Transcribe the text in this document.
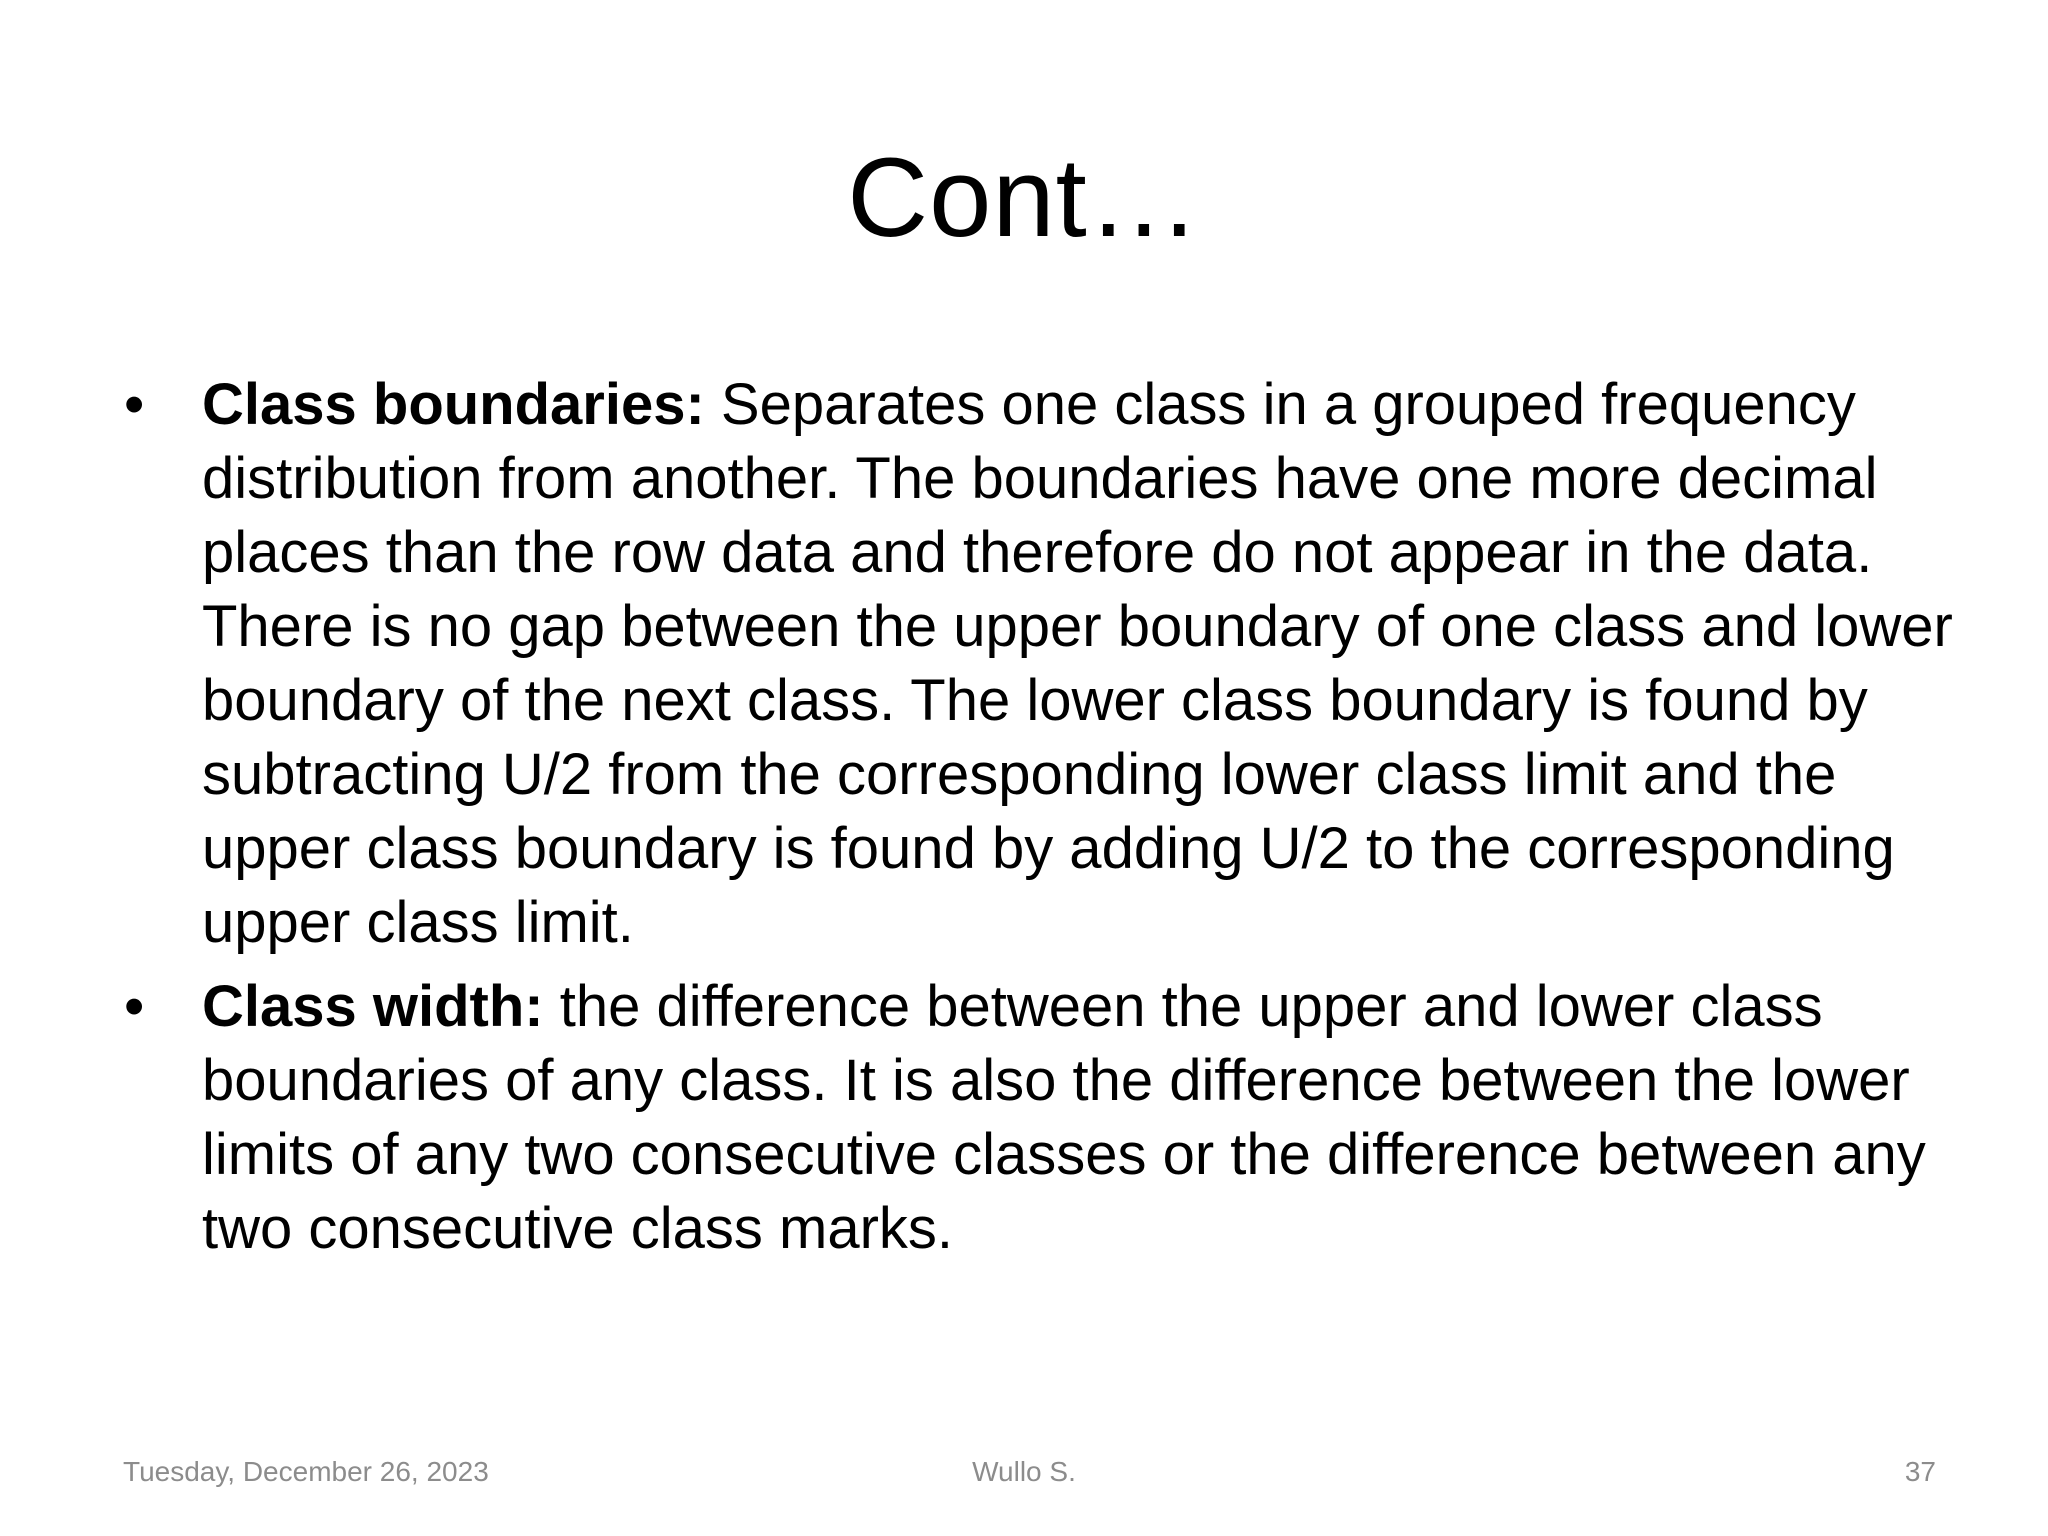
Cont…
• Class boundaries: Separates one class in a grouped frequency distribution from another. The boundaries have one more decimal places than the row data and therefore do not appear in the data. There is no gap between the upper boundary of one class and lower boundary of the next class. The lower class boundary is found by subtracting U/2 from the corresponding lower class limit and the upper class boundary is found by adding U/2 to the corresponding upper class limit.
• Class width: the difference between the upper and lower class boundaries of any class. It is also the difference between the lower limits of any two consecutive classes or the difference between any two consecutive class marks.
Tuesday, December 26, 2023	Wullo S.	37
